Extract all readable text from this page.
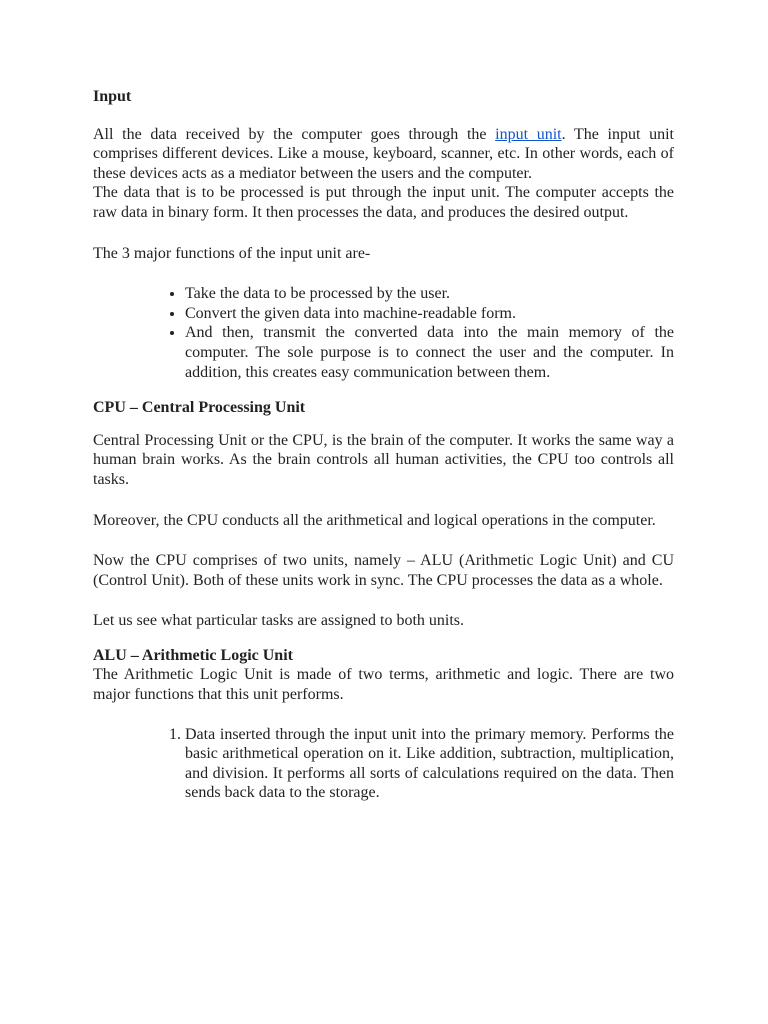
Input

All the data received by the computer goes through the input unit. The input unit comprises different devices. Like a mouse, keyboard, scanner, etc. In other words, each of these devices acts as a mediator between the users and the computer.

The data that is to be processed is put through the input unit. The computer accepts the raw data in binary form. It then processes the data, and produces the desired output.

The 3 major functions of the input unit are-

• Take the data to be processed by the user.
• Convert the given data into machine-readable form.
• And then, transmit the converted data into the main memory of the computer. The sole purpose is to connect the user and the computer. In addition, this creates easy communication between them.

CPU – Central Processing Unit

Central Processing Unit or the CPU, is the brain of the computer. It works the same way a human brain works. As the brain controls all human activities, the CPU too controls all tasks.

Moreover, the CPU conducts all the arithmetical and logical operations in the computer.

Now the CPU comprises of two units, namely – ALU (Arithmetic Logic Unit) and CU (Control Unit). Both of these units work in sync. The CPU processes the data as a whole.

Let us see what particular tasks are assigned to both units.

ALU – Arithmetic Logic Unit

The Arithmetic Logic Unit is made of two terms, arithmetic and logic. There are two major functions that this unit performs.

1. Data inserted through the input unit into the primary memory. Performs the basic arithmetical operation on it. Like addition, subtraction, multiplication, and division. It performs all sorts of calculations required on the data. Then sends back data to the storage.
